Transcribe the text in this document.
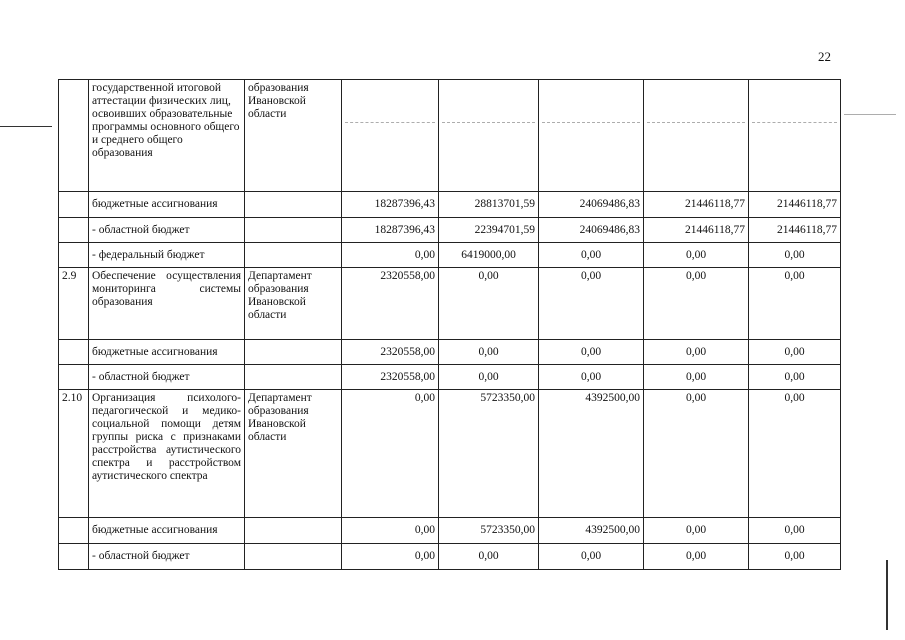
22
	государственной итоговой аттестации физических лиц, освоивших образовательные программы основного общего и среднего общего образования	образования Ивановской области	

	бюджетные ассигнования		18287396,43	28813701,59	24069486,83	21446118,77	21446118,77
	- областной бюджет		18287396,43	22394701,59	24069486,83	21446118,77	21446118,77
	- федеральный бюджет		0,00	6419000,00	0,00	0,00	0,00
2.9	Обеспечение осуществления мониторинга системы образования	Департамент образования Ивановской области	2320558,00	0,00	0,00	0,00	0,00
	бюджетные ассигнования		2320558,00	0,00	0,00	0,00	0,00
	- областной бюджет		2320558,00	0,00	0,00	0,00	0,00
2.10	Организация психолого-педагогической и медико-социальной помощи детям группы риска с признаками расстройства аутистического спектра и расстройством аутистического спектра	Департамент образования Ивановской области	0,00	5723350,00	4392500,00	0,00	0,00
	бюджетные ассигнования		0,00	5723350,00	4392500,00	0,00	0,00
	- областной бюджет		0,00	0,00	0,00	0,00	0,00
